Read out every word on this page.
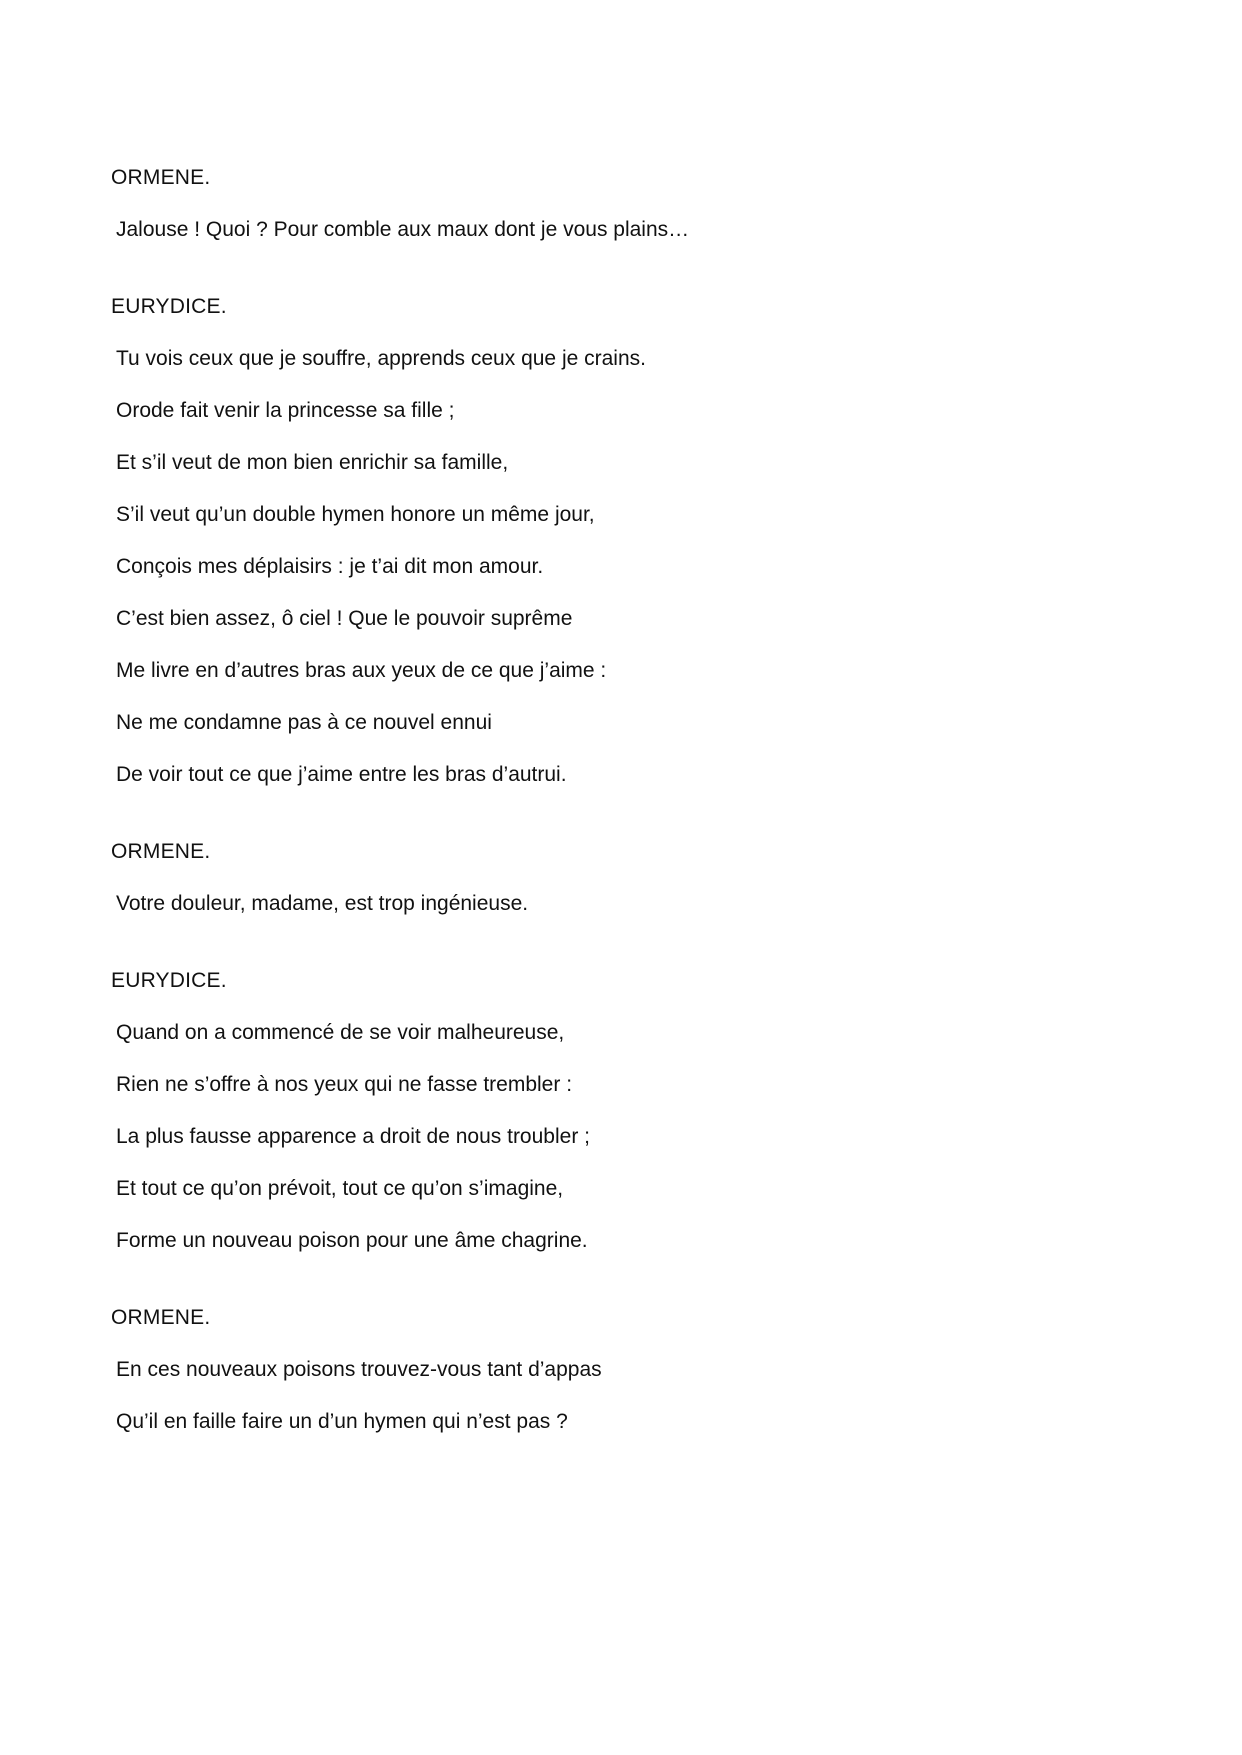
ORMENE.
Jalouse ! Quoi ? Pour comble aux maux dont je vous plains…
EURYDICE.
Tu vois ceux que je souffre, apprends ceux que je crains.
Orode fait venir la princesse sa fille ;
Et s’il veut de mon bien enrichir sa famille,
S’il veut qu’un double hymen honore un même jour,
Conçois mes déplaisirs : je t’ai dit mon amour.
C’est bien assez, ô ciel ! Que le pouvoir suprême
Me livre en d’autres bras aux yeux de ce que j’aime :
Ne me condamne pas à ce nouvel ennui
De voir tout ce que j’aime entre les bras d’autrui.
ORMENE.
Votre douleur, madame, est trop ingénieuse.
EURYDICE.
Quand on a commencé de se voir malheureuse,
Rien ne s’offre à nos yeux qui ne fasse trembler :
La plus fausse apparence a droit de nous troubler ;
Et tout ce qu’on prévoit, tout ce qu’on s’imagine,
Forme un nouveau poison pour une âme chagrine.
ORMENE.
En ces nouveaux poisons trouvez-vous tant d’appas
Qu’il en faille faire un d’un hymen qui n’est pas ?
